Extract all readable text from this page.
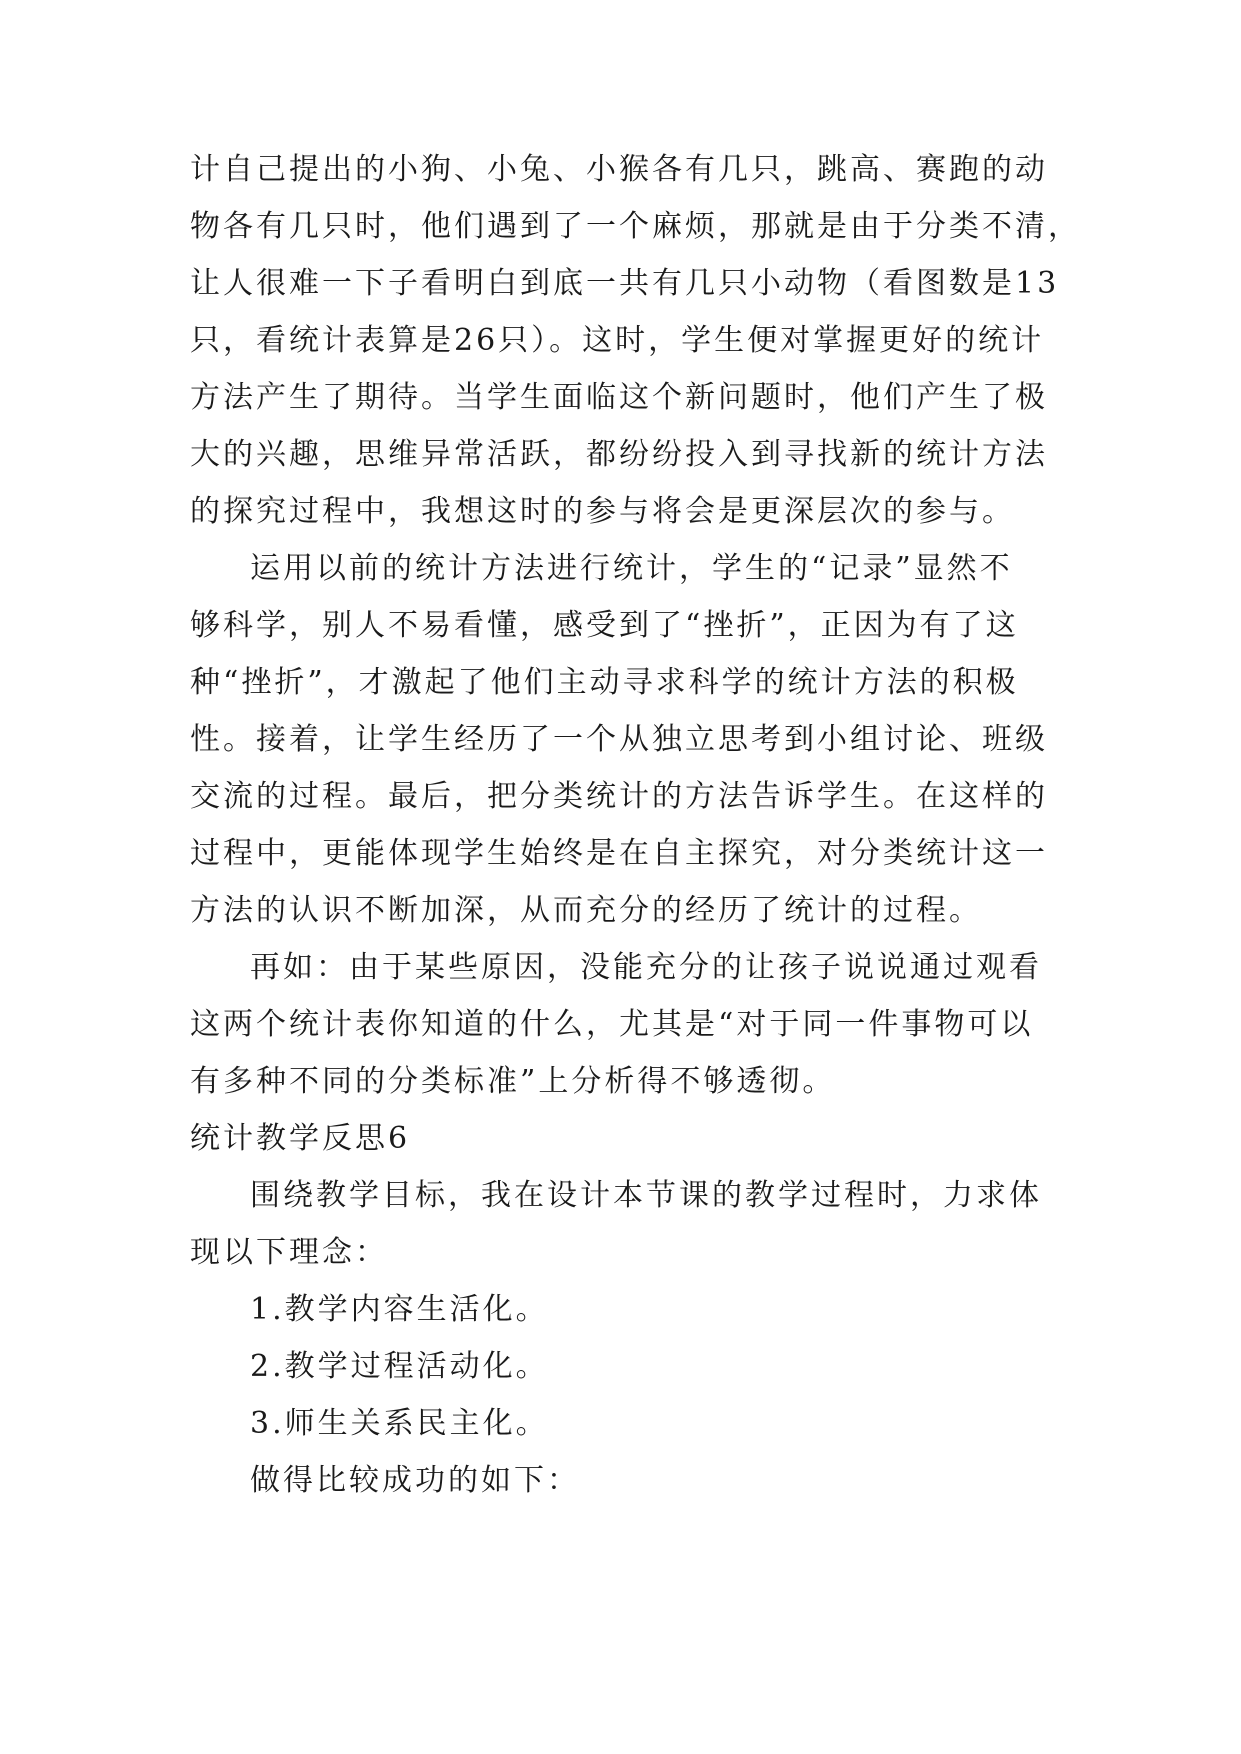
计自己提出的小狗、小兔、小猴各有几只，跳高、赛跑的动
物各有几只时，他们遇到了一个麻烦，那就是由于分类不清，
让人很难一下子看明白到底一共有几只小动物（看图数是13
只，看统计表算是26只）。这时，学生便对掌握更好的统计
方法产生了期待。当学生面临这个新问题时，他们产生了极
大的兴趣，思维异常活跃，都纷纷投入到寻找新的统计方法
的探究过程中，我想这时的参与将会是更深层次的参与。
运用以前的统计方法进行统计，学生的“记录”显然不
够科学，别人不易看懂，感受到了“挫折”，正因为有了这
种“挫折”，才激起了他们主动寻求科学的统计方法的积极
性。接着，让学生经历了一个从独立思考到小组讨论、班级
交流的过程。最后，把分类统计的方法告诉学生。在这样的
过程中，更能体现学生始终是在自主探究，对分类统计这一
方法的认识不断加深，从而充分的经历了统计的过程。
再如：由于某些原因，没能充分的让孩子说说通过观看
这两个统计表你知道的什么，尤其是“对于同一件事物可以
有多种不同的分类标准”上分析得不够透彻。
统计教学反思6
围绕教学目标，我在设计本节课的教学过程时，力求体
现以下理念：
1.教学内容生活化。
2.教学过程活动化。
3.师生关系民主化。
做得比较成功的如下：
